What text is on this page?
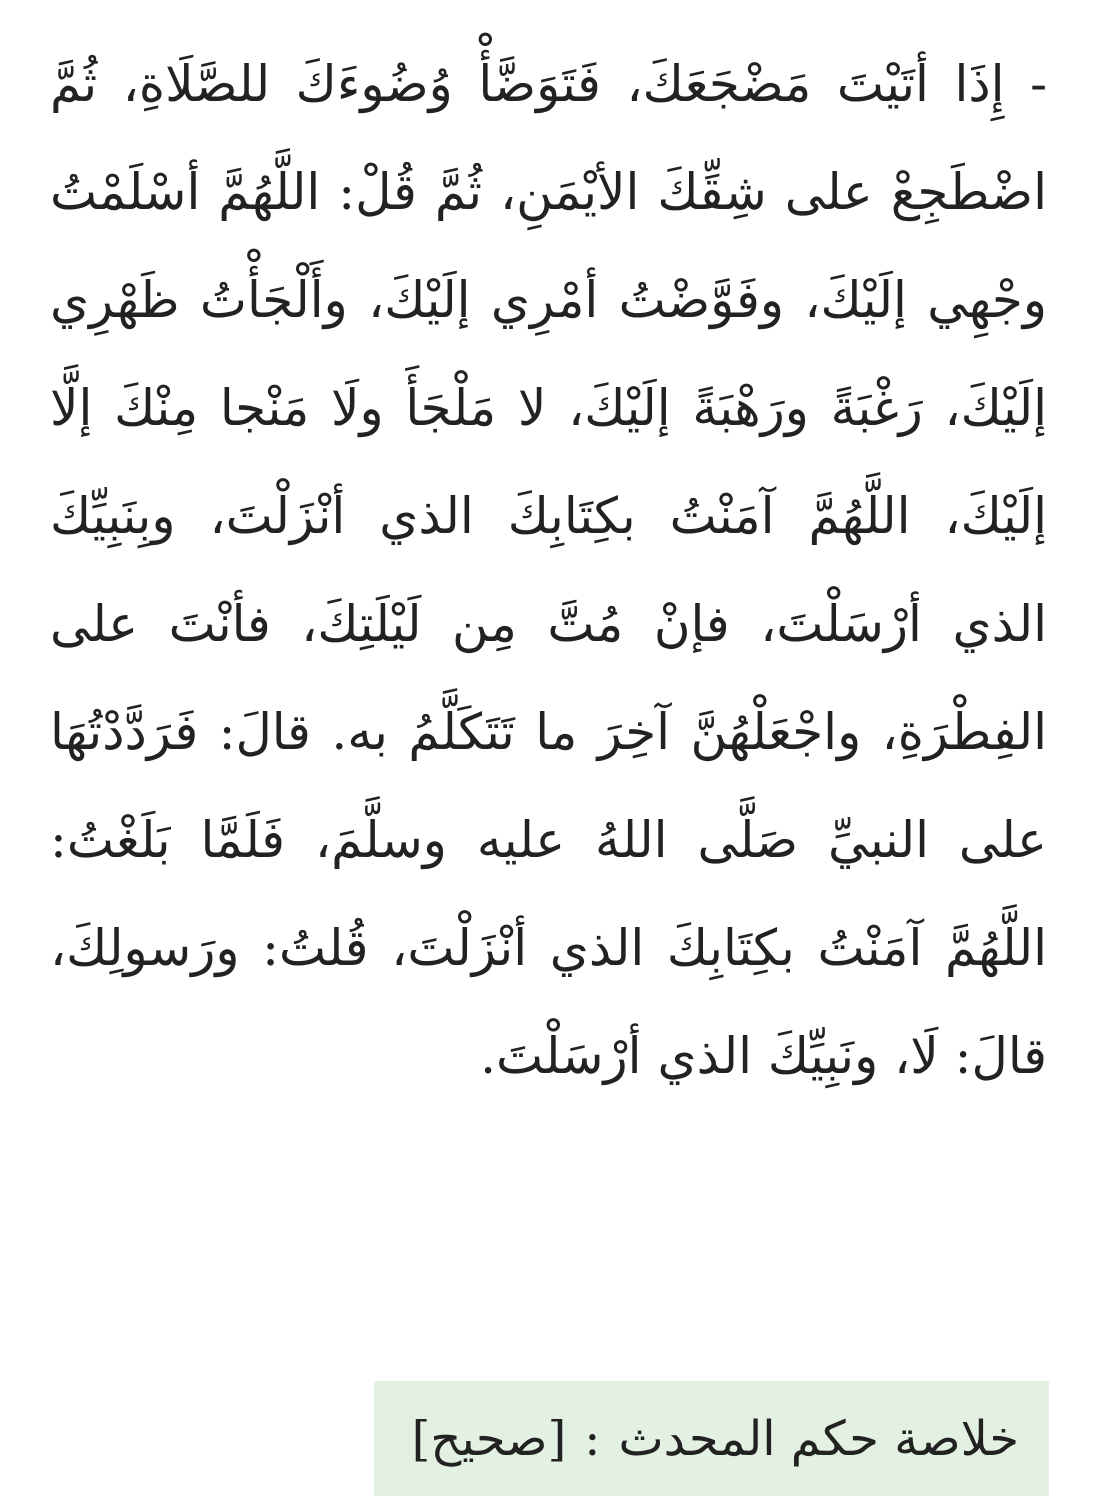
- إِذَا أتَيْتَ مَضْجَعَكَ، فَتَوَضَّأْ وُضُوءَكَ للصَّلَاةِ، ثُمَّ اضْطَجِعْ على شِقِّكَ الأيْمَنِ، ثُمَّ قُلْ: اللَّهُمَّ أسْلَمْتُ وجْهِي إلَيْكَ، وفَوَّضْتُ أمْرِي إلَيْكَ، وأَلْجَأْتُ ظَهْرِي إلَيْكَ، رَغْبَةً ورَهْبَةً إلَيْكَ، لا مَلْجَأَ ولَا مَنْجا مِنْكَ إلَّا إلَيْكَ، اللَّهُمَّ آمَنْتُ بكِتَابِكَ الذي أنْزَلْتَ، وبِنَبِيِّكَ الذي أرْسَلْتَ، فإنْ مُتَّ مِن لَيْلَتِكَ، فأنْتَ على الفِطْرَةِ، واجْعَلْهُنَّ آخِرَ ما تَتَكَلَّمُ به. قالَ: فَرَدَّدْتُهَا على النبيِّ صَلَّى اللهُ عليه وسلَّمَ، فَلَمَّا بَلَغْتُ: اللَّهُمَّ آمَنْتُ بكِتَابِكَ الذي أنْزَلْتَ، قُلتُ: ورَسولِكَ، قالَ: لَا، ونَبِيِّكَ الذي أرْسَلْتَ.
خلاصة حكم المحدث
:
[صحيح]
